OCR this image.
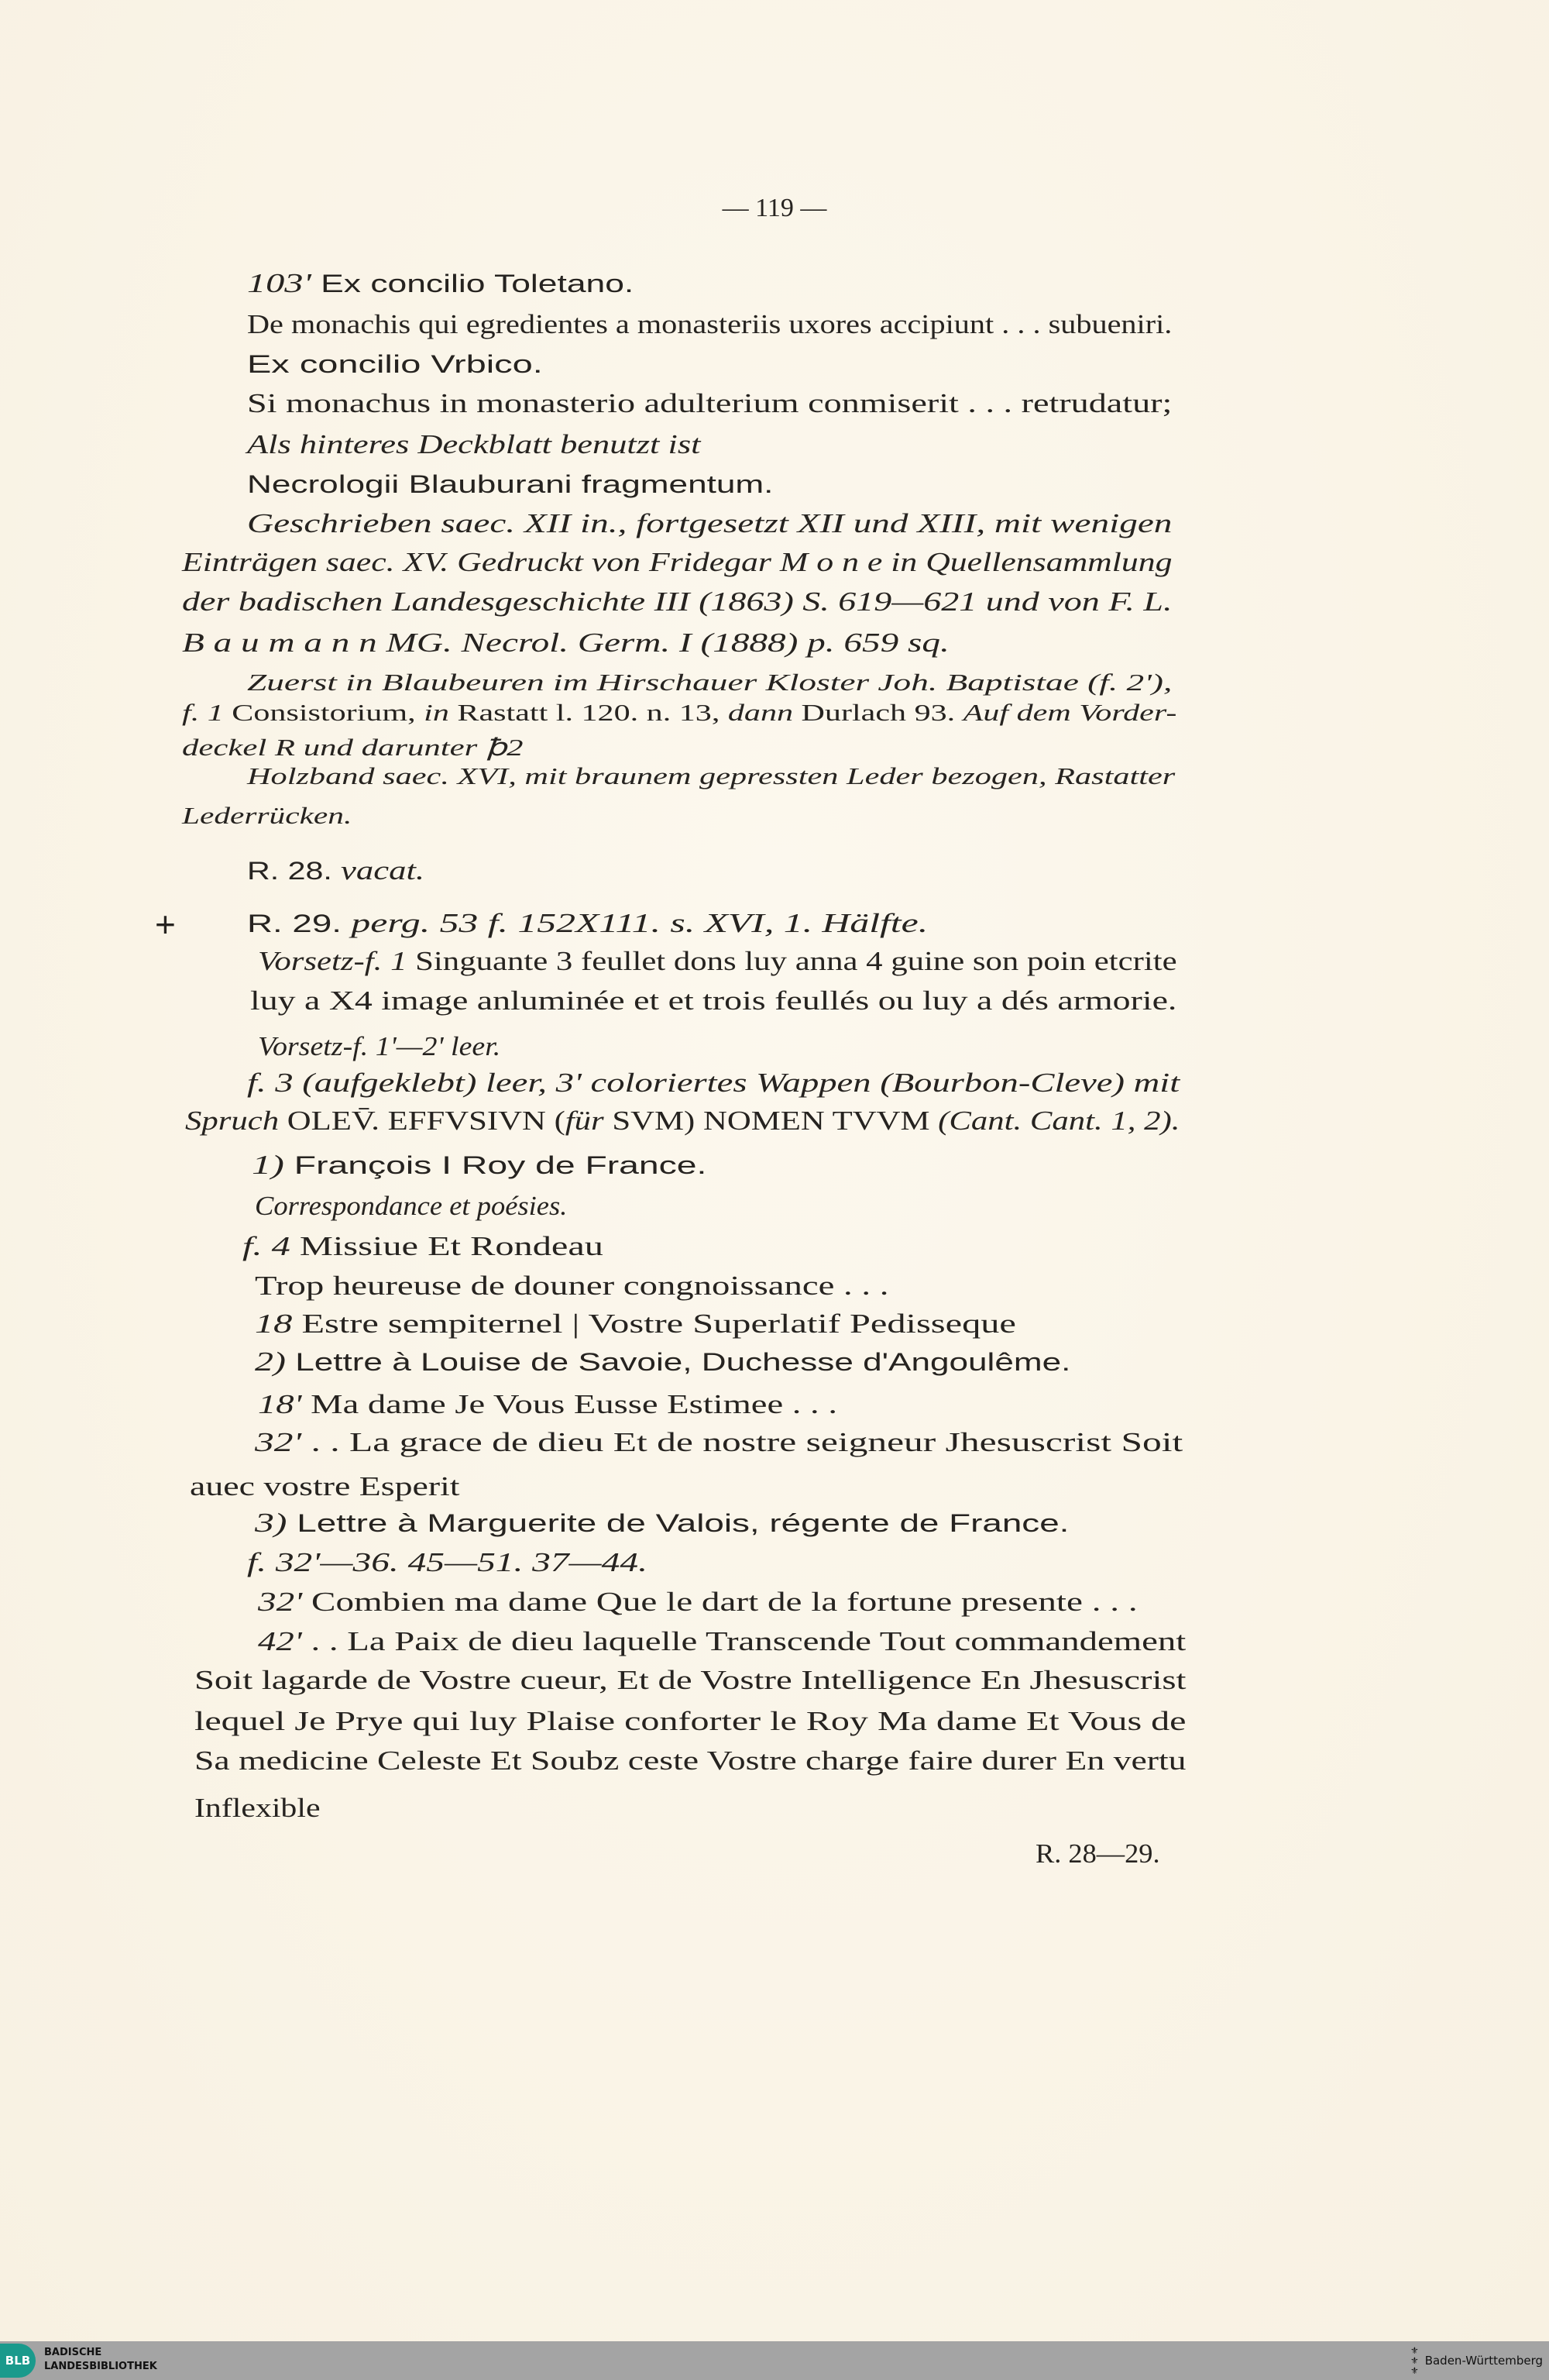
— 119 —
+
103' Ex concilio Toletano.
De monachis qui egredientes a monasteriis uxores accipiunt . . . subueniri.
Ex concilio Vrbico.
Si monachus in monasterio adulterium conmiserit . . . retrudatur;
Als hinteres Deckblatt benutzt ist
Necrologii Blauburani fragmentum.
Geschrieben saec. XII in., fortgesetzt XII und XIII, mit wenigen
Einträgen saec. XV. Gedruckt von Fridegar M o n e in Quellensammlung
der badischen Landesgeschichte III (1863) S. 619—621 und von F. L.
B a u m a n n MG. Necrol. Germ. I (1888) p. 659 sq.
Zuerst in Blaubeuren im Hirschauer Kloster Joh. Baptistae (f. 2'),
f. 1 Consistorium, in Rastatt l. 120. n. 13, dann Durlach 93. Auf dem Vorder-
deckel R und darunter ꝥ2
Holzband saec. XVI, mit braunem gepressten Leder bezogen, Rastatter
Lederrücken.
R. 28. vacat.
R. 29. perg. 53 f. 152X111. s. XVI, 1. Hälfte.
Vorsetz-f. 1 Singuante 3 feullet dons luy anna 4 guine son poin etcrite
luy a X4 image anluminée et et trois feullés ou luy a dés armorie.
Vorsetz-f. 1'—2' leer.
f. 3 (aufgeklebt) leer, 3' coloriertes Wappen (Bourbon-Cleve) mit
Spruch OLEV̄. EFFVSIVN (für SVM) NOMEN TVVM (Cant. Cant. 1, 2).
1) François I Roy de France.
Correspondance et poésies.
f. 4 Missiue Et Rondeau
Trop heureuse de douner congnoissance . . .
18 Estre sempiternel | Vostre Superlatif Pedisseque
2) Lettre à Louise de Savoie, Duchesse d'Angoulême.
18' Ma dame Je Vous Eusse Estimee . . .
32' . . La grace de dieu Et de nostre seigneur Jhesuscrist Soit
auec vostre Esperit
3) Lettre à Marguerite de Valois, régente de France.
f. 32'—36. 45—51. 37—44.
32' Combien ma dame Que le dart de la fortune presente . . .
42' . . La Paix de dieu laquelle Transcende Tout commandement
Soit lagarde de Vostre cueur, Et de Vostre Intelligence En Jhesuscrist
lequel Je Prye qui luy Plaise conforter le Roy Ma dame Et Vous de
Sa medicine Celeste Et Soubz ceste Vostre charge faire durer En vertu
Inflexible
R. 28—29.
BLB
BADISCHE
LANDESBIBLIOTHEK
⚜
⚜
⚜
Baden-Württemberg
